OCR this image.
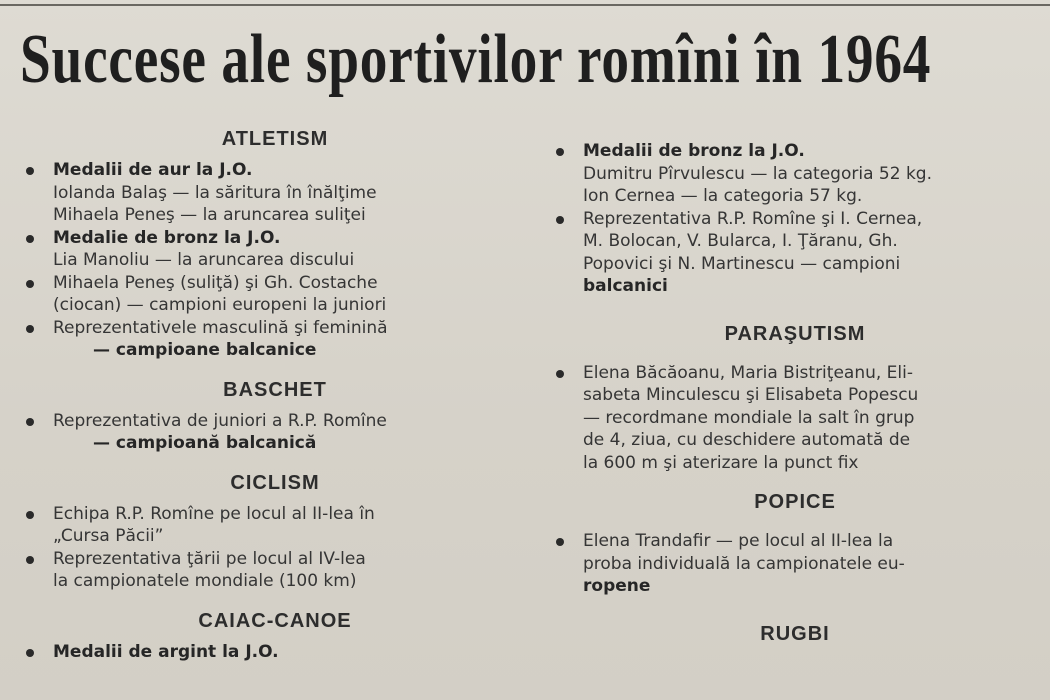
Succese ale sportivilor romîni în 1964
ATLETISM
Medalii de aur la J.O.
Iolanda Balaş — la săritura în înălţime
Mihaela Peneş — la aruncarea suliţei
Medalie de bronz la J.O.
Lia Manoliu — la aruncarea discului
Mihaela Peneş (suliţă) şi Gh. Costache
(ciocan) — campioni europeni la juniori
Reprezentativele masculină şi feminină
— campioane balcanice
BASCHET
Reprezentativa de juniori a R.P. Romîne
— campioană balcanică
CICLISM
Echipa R.P. Romîne pe locul al II-lea în
„Cursa Păcii”
Reprezentativa ţării pe locul al IV-lea
la campionatele mondiale (100 km)
CAIAC-CANOE
Medalii de argint la J.O.
Medalii de bronz la J.O.
Dumitru Pîrvulescu — la categoria 52 kg.
Ion Cernea — la categoria 57 kg.
Reprezentativa R.P. Romîne şi I. Cernea,
M. Bolocan, V. Bularca, I. Ţăranu, Gh.
Popovici şi N. Martinescu — campioni
balcanici
PARAŞUTISM
Elena Băcăoanu, Maria Bistriţeanu, Eli-
sabeta Minculescu şi Elisabeta Popescu
— recordmane mondiale la salt în grup
de 4, ziua, cu deschidere automată de
la 600 m şi aterizare la punct fix
POPICE
Elena Trandafir — pe locul al II-lea la
proba individuală la campionatele eu-
ropene
RUGBI
